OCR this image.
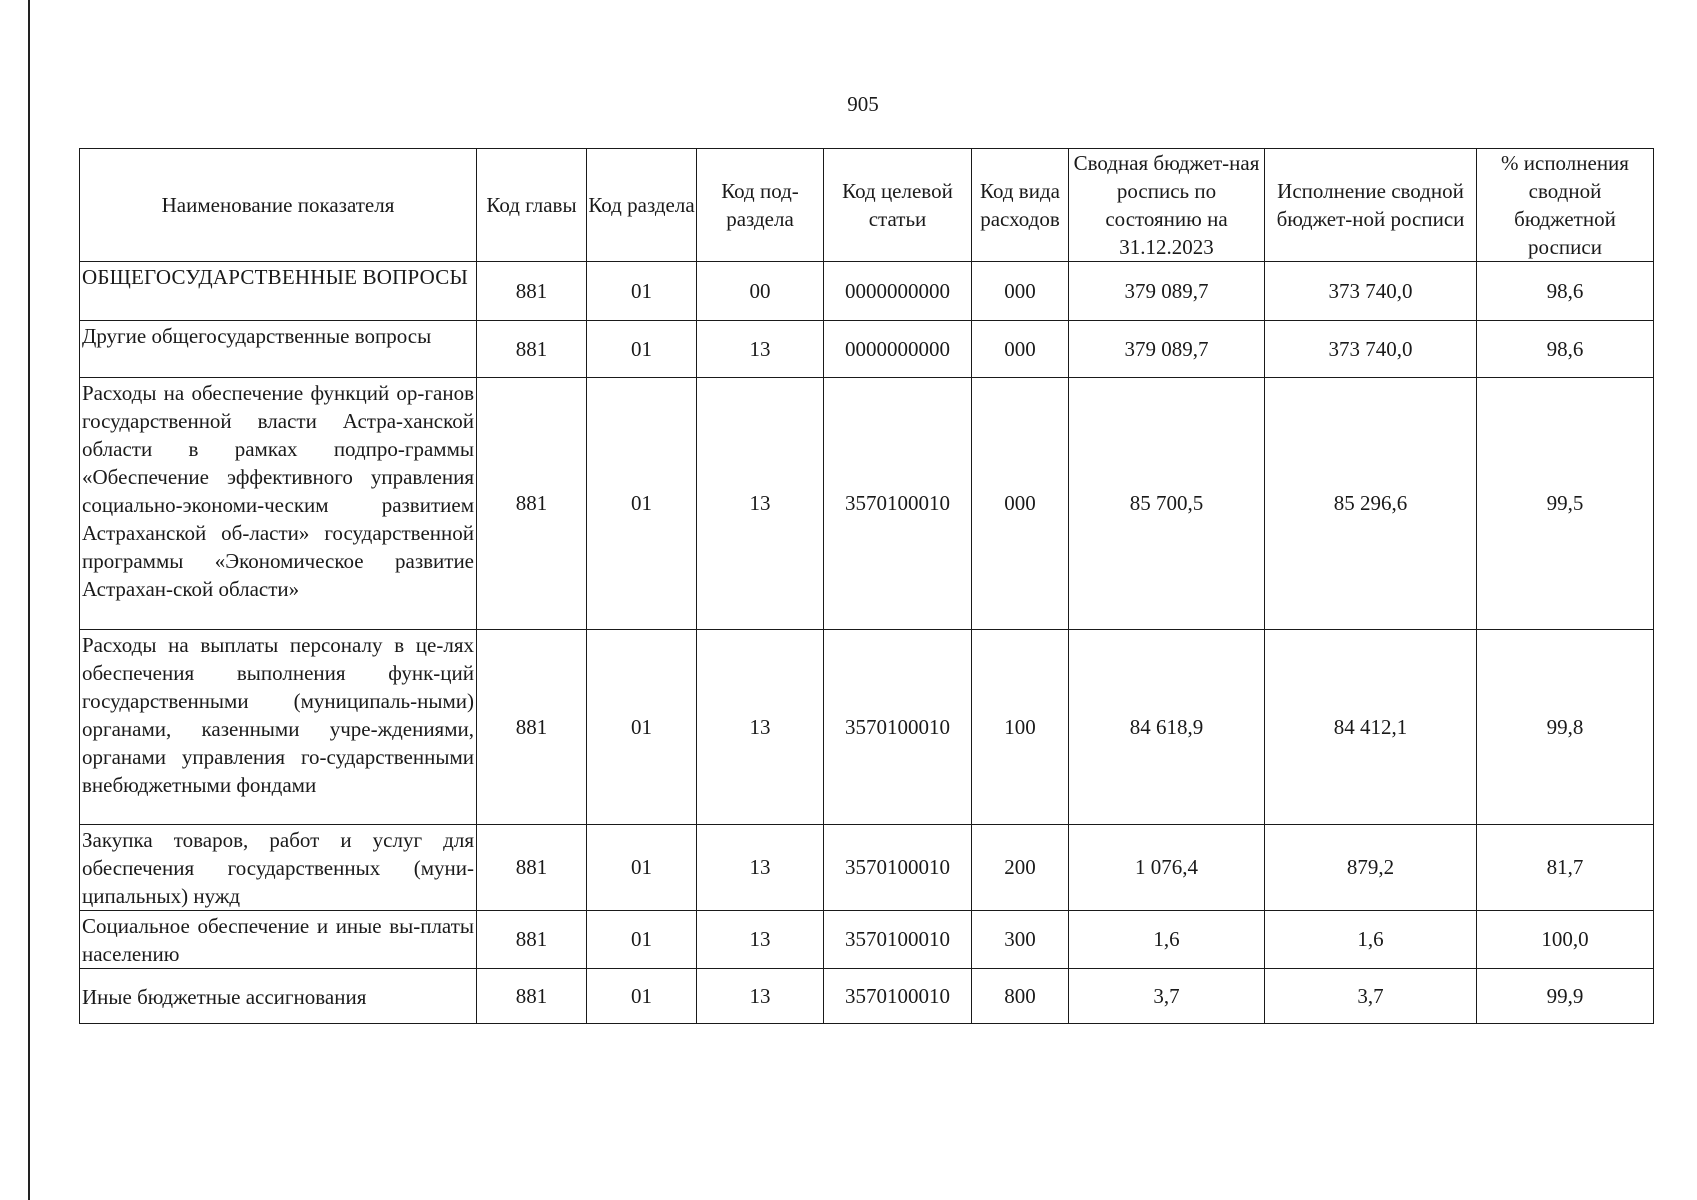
905
Наименование показателя	Код главы	Код раздела	Код под-раздела	Код целевой статьи	Код вида расходов	Сводная бюджет-ная роспись по состоянию на 31.12.2023	Исполнение сводной бюджет-ной росписи	% исполнения сводной бюджетной росписи
ОБЩЕГОСУДАРСТВЕННЫЕ ВОПРОСЫ	881	01	00	0000000000	000	379 089,7	373 740,0	98,6
Другие общегосударственные вопросы	881	01	13	0000000000	000	379 089,7	373 740,0	98,6
Расходы на обеспечение функций ор-ганов государственной власти Астра-ханской области в рамках подпро-граммы «Обеспечение эффективного управления социально-экономи-ческим развитием Астраханской об-ласти» государственной программы «Экономическое развитие Астрахан-ской области»	881	01	13	3570100010	000	85 700,5	85 296,6	99,5
Расходы на выплаты персоналу в це-лях обеспечения выполнения функ-ций государственными (муниципаль-ными) органами, казенными учре-ждениями, органами управления го-сударственными внебюджетными фондами	881	01	13	3570100010	100	84 618,9	84 412,1	99,8
Закупка товаров, работ и услуг для обеспечения государственных (муни-ципальных) нужд	881	01	13	3570100010	200	1 076,4	879,2	81,7
Социальное обеспечение и иные вы-платы населению	881	01	13	3570100010	300	1,6	1,6	100,0
Иные бюджетные ассигнования	881	01	13	3570100010	800	3,7	3,7	99,9
